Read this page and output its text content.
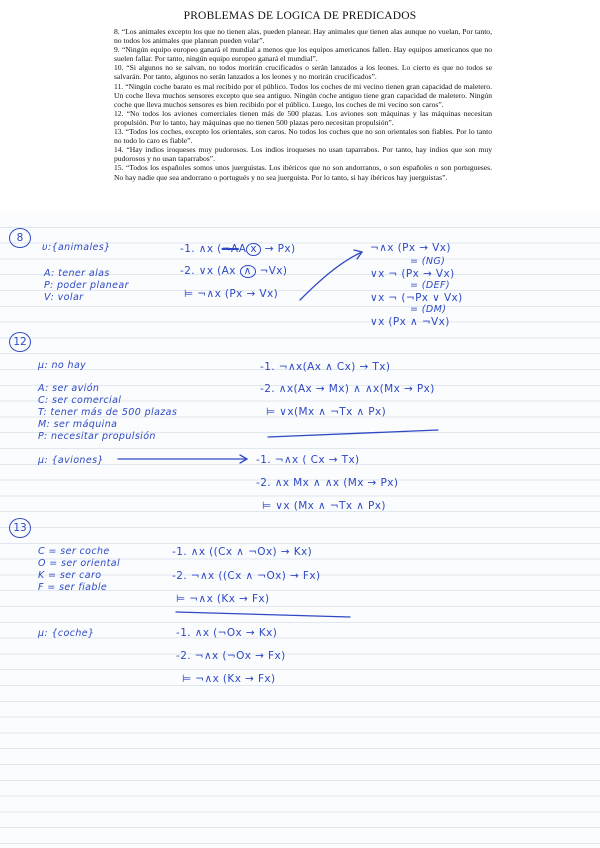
PROBLEMAS DE LOGICA DE PREDICADOS

8. “Los animales excepto los que no tienen alas, pueden planear. Hay animales que tienen alas aunque no vuelan, Por tanto, no todos los animales que planean pueden volar”.

9. “Ningún equipo europeo ganará el mundial a menos que los equipos americanos fallen. Hay equipos americanos que no suelen fallar. Por tanto, ningún equipo europeo ganará el mundial”.

10. “Si algunos no se salvan, no todos morirán crucificados o serán lanzados a los leones. Lo cierto es que no todos se salvarán. Por tanto, algunos no serán lanzados a los leones y no morirán crucificados”.

11. “Ningún coche barato es mal recibido por el público. Todos los coches de mi vecino tienen gran capacidad de maletero. Un coche lleva muchos sensores excepto que sea antiguo. Ningún coche antiguo tiene gran capacidad de maletero. Ningún coche que lleva muchos sensores es bien recibido por el público. Luego, los coches de mi vecino son caros”.

12. “No todos los aviones comerciales tienen más de 500 plazas. Los aviones son máquinas y las máquinas necesitan propulsión. Por lo tanto, hay máquinas que no tienen 500 plazas pero necesitan propulsión”.

13. “Todos los coches, excepto los orientales, son caros. No todos los coches que no son orientales son fiables. Por lo tanto no todo lo caro es fiable”.

14. “Hay indios iroqueses muy pudorosos. Los indios iroqueses no usan taparrabos. Por tanto, hay indios que son muy pudorosos y no usan taparrabos”.

15. “Todos los españoles somos unos juerguistas. Los ibéricos que no son andorranos, o son españoles o son portugueses. No hay nadie que sea andorrano o portugués y no sea juerguista. Por lo tanto, si hay ibéricos hay juerguistas”.

8
υ:{animales}
A: tener alas
P: poder planear
V: volar
-1. ∧x (¬AA x → Px)
-2. ∨x (Ax ∧ ¬Vx)
⊨ ¬∧x (Px → Vx)
¬∧x (Px → Vx)
= (NG)
∨x ¬ (Px → Vx)
= (DEF)
∨x ¬ (¬Px ∨ Vx)
= (DM)
∨x (Px ∧ ¬Vx)
12
μ: no hay
A: ser avión
C: ser comercial
T: tener más de 500 plazas
M: ser máquina
P: necesitar propulsión
-1. ¬∧x(Ax ∧ Cx) → Tx)
-2. ∧x(Ax → Mx) ∧ ∧x(Mx → Px)
⊨ ∨x(Mx ∧ ¬Tx ∧ Px)
μ: {aviones}	-1. ¬∧x ( Cx → Tx)
-2. ∧x Mx ∧ ∧x (Mx → Px)
⊨ ∨x (Mx ∧ ¬Tx ∧ Px)
13
C = ser coche
O = ser oriental
K = ser caro
F = ser fiable
-1. ∧x ((Cx ∧ ¬Ox) → Kx)
-2. ¬∧x ((Cx ∧ ¬Ox) → Fx)
⊨ ¬∧x (Kx → Fx)
μ: {coche}	-1. ∧x (¬Ox → Kx)
-2. ¬∧x (¬Ox → Fx)
⊨ ¬∧x (Kx → Fx)
